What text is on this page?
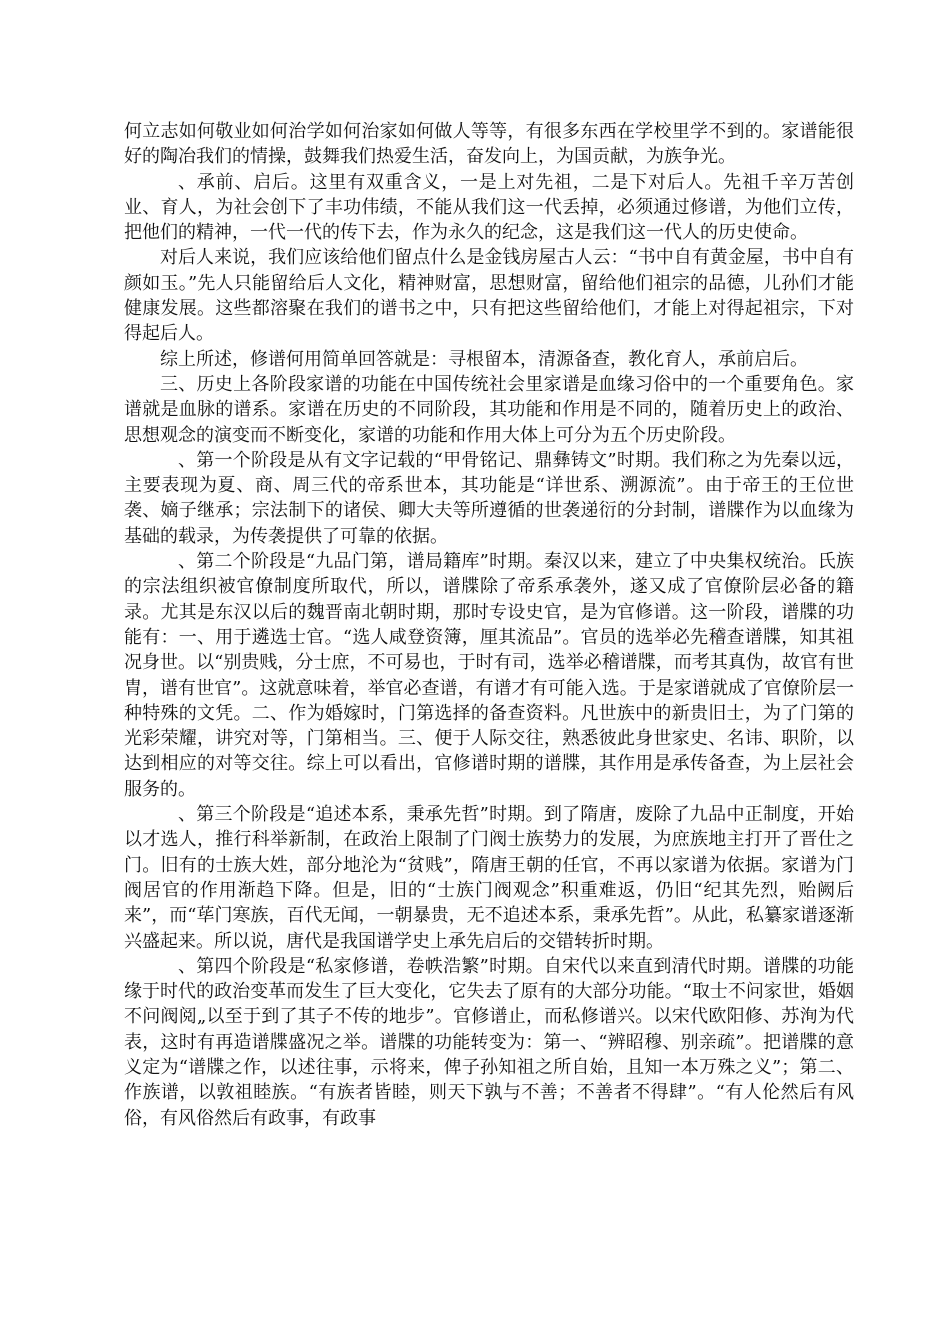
何立志如何敬业如何治学如何治家如何做人等等，有很多东西在学校里学不到的。家谱能很好的陶冶我们的情操，鼓舞我们热爱生活，奋发向上，为国贡献，为族争光。

、承前、启后。这里有双重含义，一是上对先祖，二是下对后人。先祖千辛万苦创业、育人，为社会创下了丰功伟绩，不能从我们这一代丢掉，必须通过修谱，为他们立传，把他们的精神，一代一代的传下去，作为永久的纪念，这是我们这一代人的历史使命。

对后人来说，我们应该给他们留点什么是金钱房屋古人云：“书中自有黄金屋，书中自有颜如玉。”先人只能留给后人文化，精神财富，思想财富，留给他们祖宗的品德，儿孙们才能健康发展。这些都溶聚在我们的谱书之中，只有把这些留给他们，才能上对得起祖宗，下对得起后人。

综上所述，修谱何用简单回答就是：寻根留本，清源备查，教化育人，承前启后。

三、历史上各阶段家谱的功能在中国传统社会里家谱是血缘习俗中的一个重要角色。家谱就是血脉的谱系。家谱在历史的不同阶段，其功能和作用是不同的，随着历史上的政治、思想观念的演变而不断变化，家谱的功能和作用大体上可分为五个历史阶段。

、第一个阶段是从有文字记载的“甲骨铭记、鼎彝铸文”时期。我们称之为先秦以远，主要表现为夏、商、周三代的帝系世本，其功能是“详世系、溯源流”。由于帝王的王位世袭、嫡子继承；宗法制下的诸侯、卿大夫等所遵循的世袭递衍的分封制，谱牒作为以血缘为基础的载录，为传袭提供了可靠的依据。

、第二个阶段是“九品门第，谱局籍库”时期。秦汉以来，建立了中央集权统治。氏族的宗法组织被官僚制度所取代，所以，谱牒除了帝系承袭外，遂又成了官僚阶层必备的籍录。尤其是东汉以后的魏晋南北朝时期，那时专设史官，是为官修谱。这一阶段，谱牒的功能有：一、用于遴选士官。“选人咸登资簿，厘其流品”。官员的选举必先稽查谱牒，知其祖况身世。以“别贵贱，分士庶，不可易也，于时有司，选举必稽谱牒，而考其真伪，故官有世胄，谱有世官”。这就意味着，举官必查谱，有谱才有可能入选。于是家谱就成了官僚阶层一种特殊的文凭。二、作为婚嫁时，门第选择的备查资料。凡世族中的新贵旧士，为了门第的光彩荣耀，讲究对等，门第相当。三、便于人际交往，熟悉彼此身世家史、名讳、职阶，以达到相应的对等交往。综上可以看出，官修谱时期的谱牒，其作用是承传备查，为上层社会服务的。

、第三个阶段是“追述本系，秉承先哲”时期。到了隋唐，废除了九品中正制度，开始以才选人，推行科举新制，在政治上限制了门阀士族势力的发展，为庶族地主打开了晋仕之门。旧有的士族大姓，部分地沦为“贫贱”，隋唐王朝的任官，不再以家谱为依据。家谱为门阀居官的作用渐趋下降。但是，旧的“士族门阀观念”积重难返，仍旧“纪其先烈，贻阙后来”，而“荜门寒族，百代无闻，一朝暴贵，无不追述本系，秉承先哲”。从此，私纂家谱逐渐兴盛起来。所以说，唐代是我国谱学史上承先启后的交错转折时期。

、第四个阶段是“私家修谱，卷帙浩繁”时期。自宋代以来直到清代时期。谱牒的功能缘于时代的政治变革而发生了巨大变化，它失去了原有的大部分功能。“取士不问家世，婚姻不问阀阅„以至于到了其子不传的地步”。官修谱止，而私修谱兴。以宋代欧阳修、苏洵为代表，这时有再造谱牒盛况之举。谱牒的功能转变为：第一、“辨昭穆、别亲疏”。把谱牒的意义定为“谱牒之作，以述往事，示将来，俾子孙知祖之所自始，且知一本万殊之义”；第二、作族谱，以敦祖睦族。“有族者皆睦，则天下孰与不善；不善者不得肆”。“有人伦然后有风俗，有风俗然后有政事，有政事
